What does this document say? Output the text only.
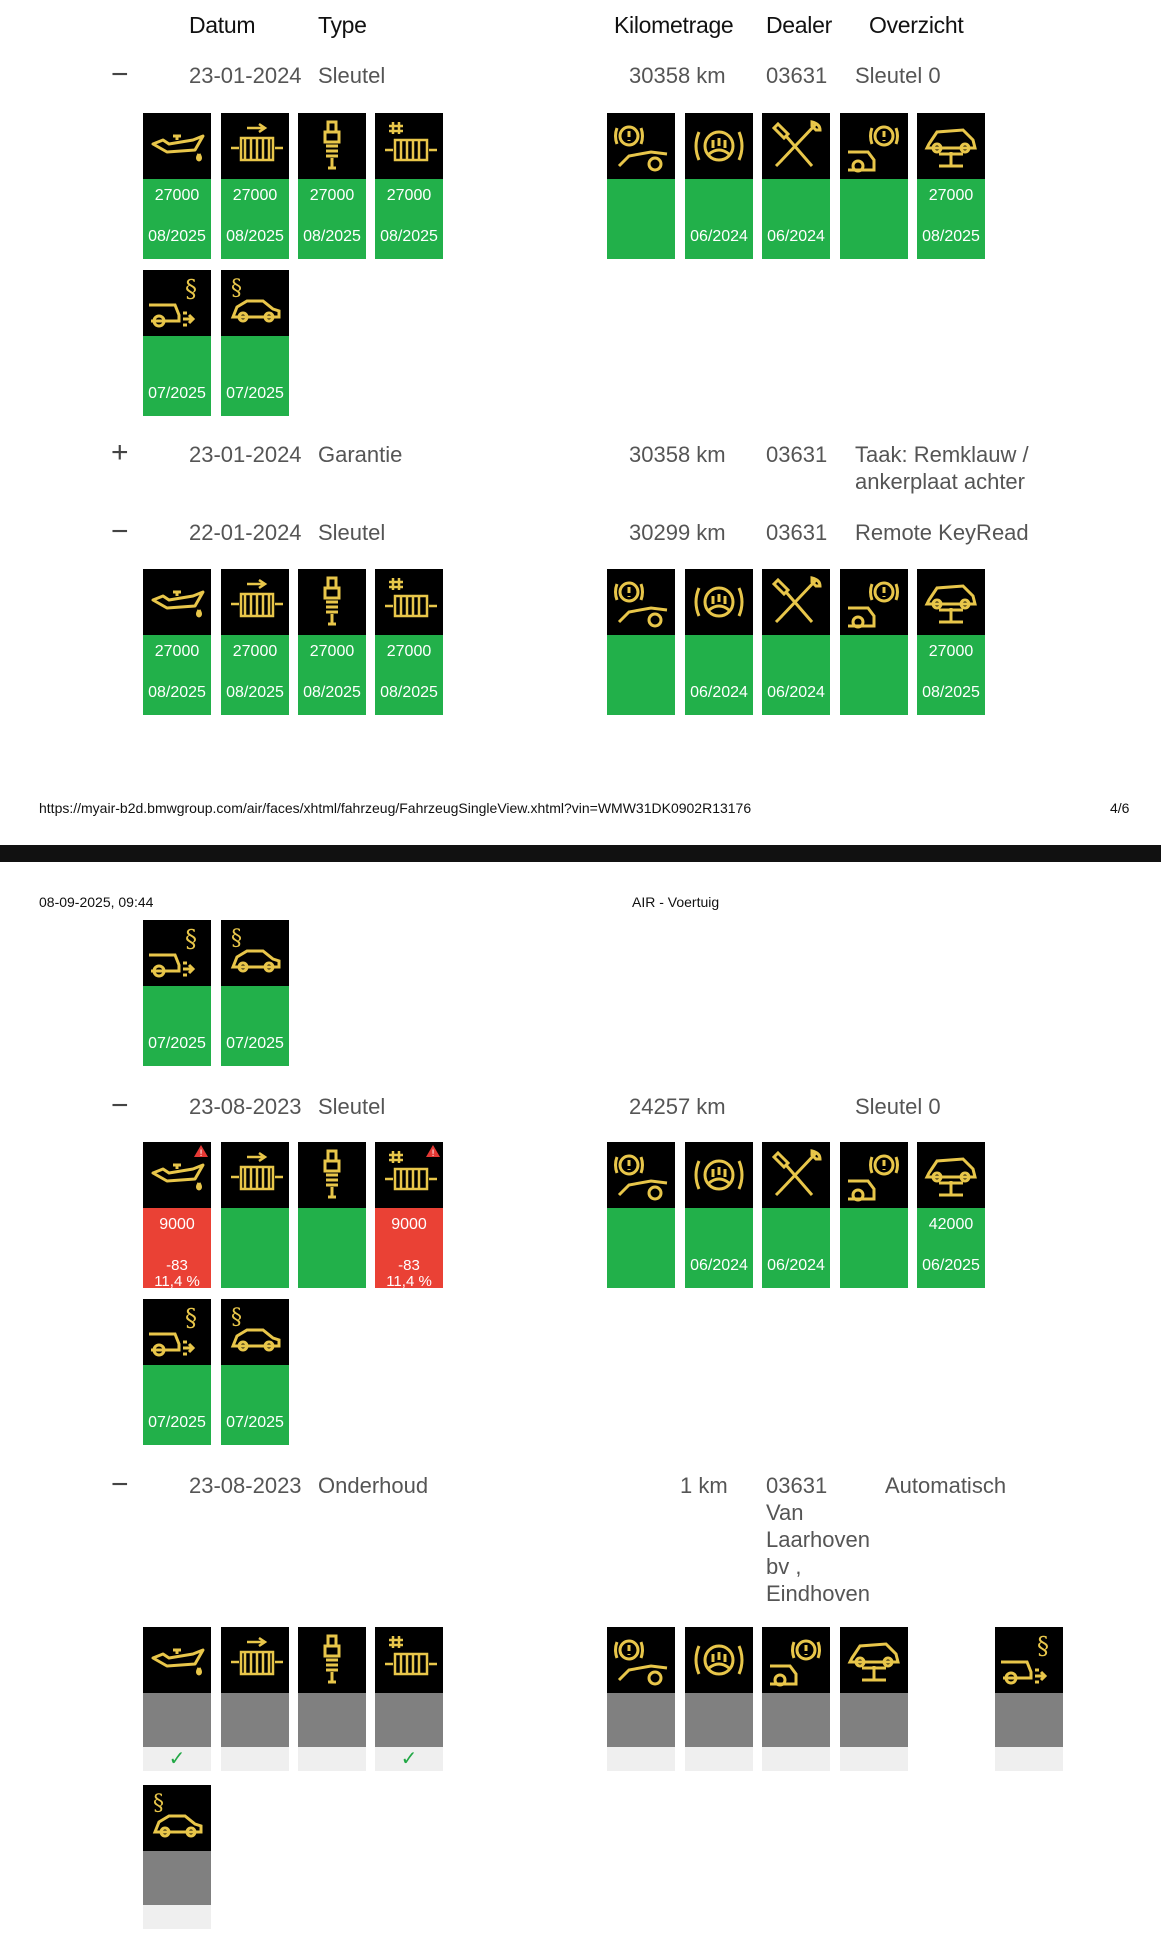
Datum	Type	Kilometrage Dealer Overzicht
−	23-01-2024 Sleutel	30358 km 03631 Sleutel 0
27000
08/2025
27000
08/2025
27000
08/2025
27000
08/2025
07/2025	07/2025
06/2024	06/2024
27000
08/2025
+	23-01-2024 Garantie	30358 km 03631 Taak: Remklauw /
ankerplaat achter
−	22-01-2024 Sleutel	30299 km 03631 Remote KeyRead
27000
08/2025
27000
08/2025
27000
08/2025
27000
08/2025	06/2024	06/2024
27000
08/2025
https://myair-b2d.bmwgroup.com/air/faces/xhtml/fahrzeug/FahrzeugSingleView.xhtml?vin=WMW31DK0902R13176	4/6
08-09-2025, 09:44	AIR - Voertuig
07/2025	07/2025
−	23-08-2023 Sleutel	24257 km	Sleutel 0
!
9000
-83
11,4 %
!
9000
-83
11,4 %
06/2024	06/2024
42000
06/2025
07/2025	07/2025
−	23-08-2023 Onderhoud	1 km 03631
Van
Laarhoven
bv ,
Eindhoven
Automatisch
✓	✓
